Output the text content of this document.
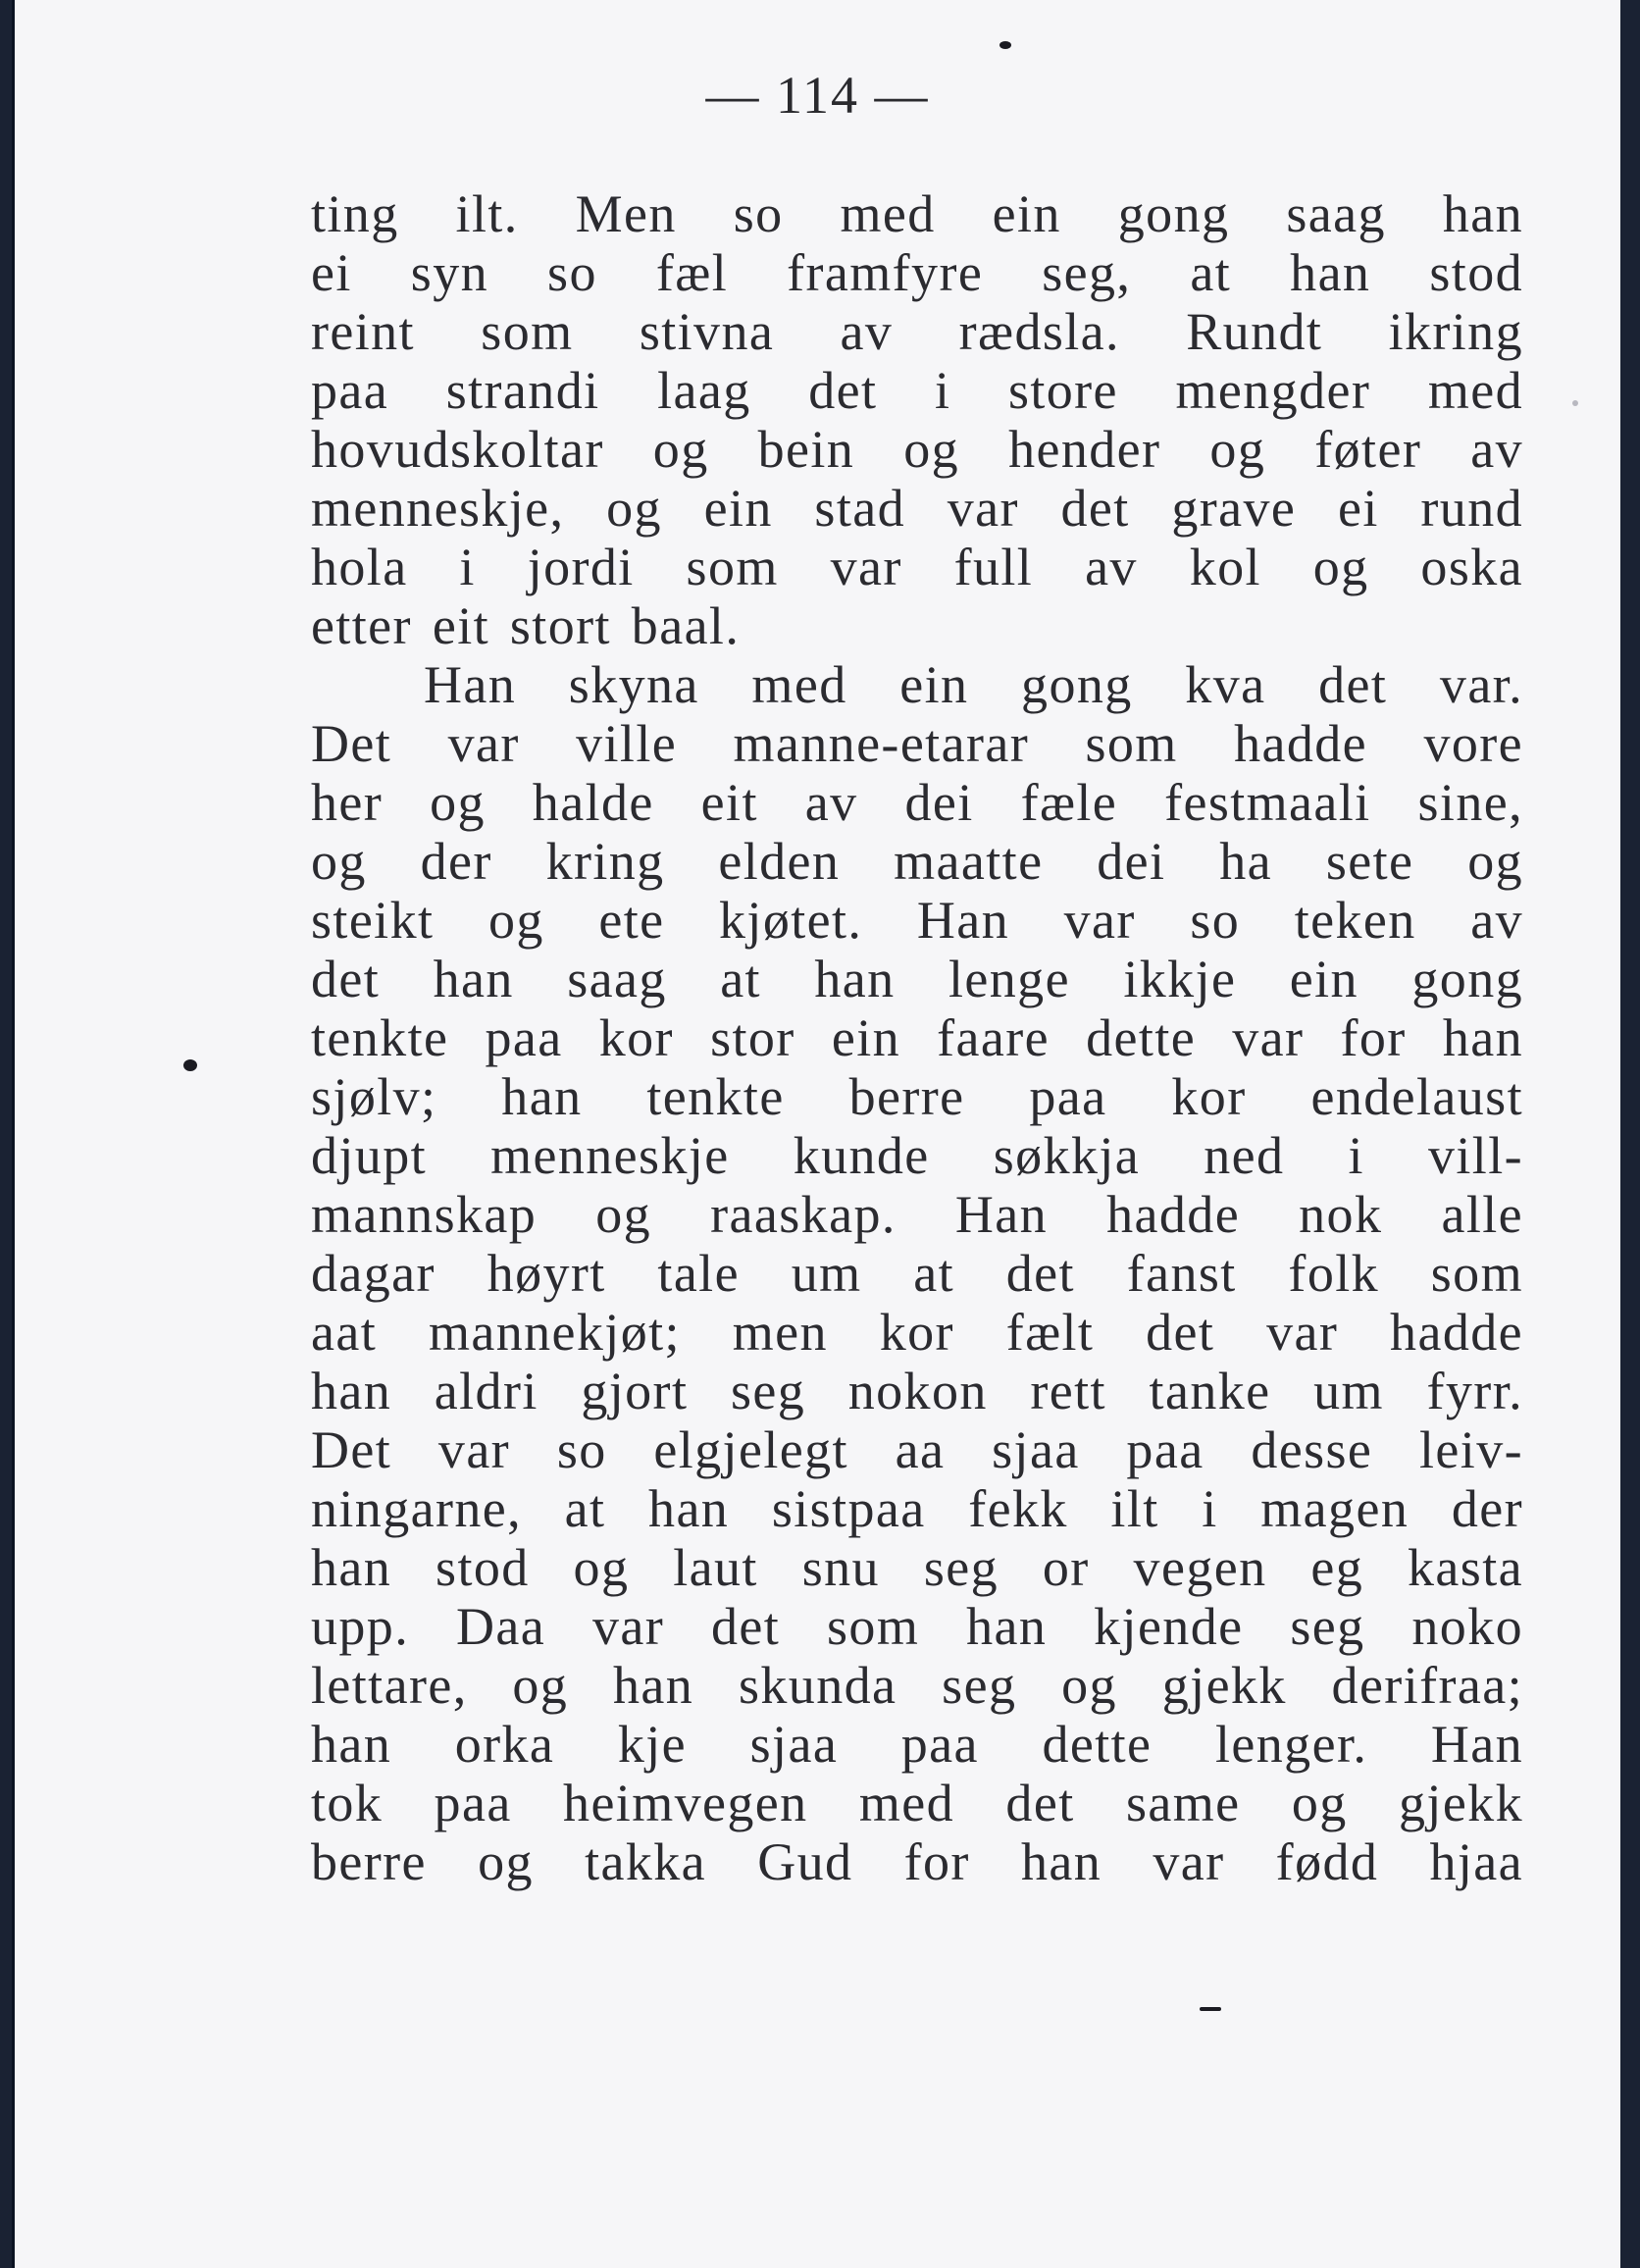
— 114 —
ting ilt. Men so med ein gong saag han
ei syn so fæl framfyre seg, at han stod
reint som stivna av rædsla. Rundt ikring
paa strandi laag det i store mengder med
hovudskoltar og bein og hender og føter av
menneskje, og ein stad var det grave ei rund
hola i jordi som var full av kol og oska
etter eit stort baal.
Han skyna med ein gong kva det var.
Det var ville manne-etarar som hadde vore
her og halde eit av dei fæle festmaali sine,
og der kring elden maatte dei ha sete og
steikt og ete kjøtet. Han var so teken av
det han saag at han lenge ikkje ein gong
tenkte paa kor stor ein faare dette var for han
sjølv; han tenkte berre paa kor endelaust
djupt menneskje kunde søkkja ned i vill-
mannskap og raaskap. Han hadde nok alle
dagar høyrt tale um at det fanst folk som
aat mannekjøt; men kor fælt det var hadde
han aldri gjort seg nokon rett tanke um fyrr.
Det var so elgjelegt aa sjaa paa desse leiv-
ningarne, at han sistpaa fekk ilt i magen der
han stod og laut snu seg or vegen eg kasta
upp. Daa var det som han kjende seg noko
lettare, og han skunda seg og gjekk derifraa;
han orka kje sjaa paa dette lenger. Han
tok paa heimvegen med det same og gjekk
berre og takka Gud for han var fødd hjaa
